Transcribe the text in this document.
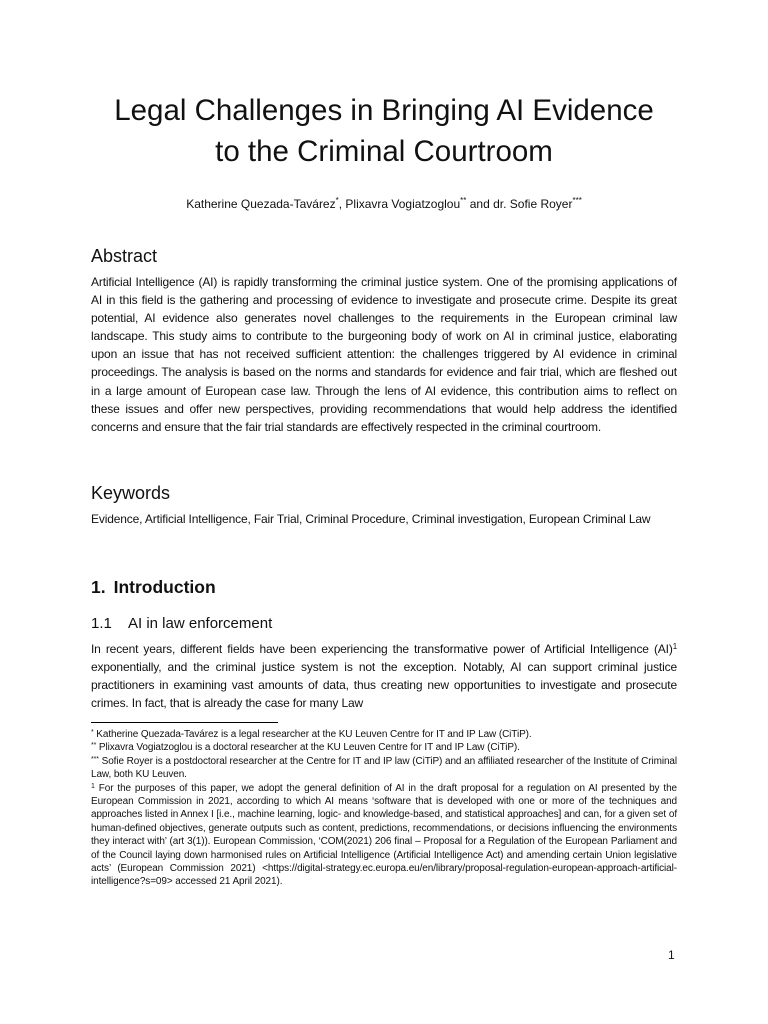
Legal Challenges in Bringing AI Evidence
to the Criminal Courtroom
Katherine Quezada-Tavárez*, Plixavra Vogiatzoglou** and dr. Sofie Royer***
Abstract

Artificial Intelligence (AI) is rapidly transforming the criminal justice system. One of the promising applications of AI in this field is the gathering and processing of evidence to investigate and prosecute crime. Despite its great potential, AI evidence also generates novel challenges to the requirements in the European criminal law landscape. This study aims to contribute to the burgeoning body of work on AI in criminal justice, elaborating upon an issue that has not received sufficient attention: the challenges triggered by AI evidence in criminal proceedings. The analysis is based on the norms and standards for evidence and fair trial, which are fleshed out in a large amount of European case law. Through the lens of AI evidence, this contribution aims to reflect on these issues and offer new perspectives, providing recommendations that would help address the identified concerns and ensure that the fair trial standards are effectively respected in the criminal courtroom.

Keywords

Evidence, Artificial Intelligence, Fair Trial, Criminal Procedure, Criminal investigation, European Criminal Law

1. Introduction
1.1 AI in law enforcement

In recent years, different fields have been experiencing the transformative power of Artificial Intelligence (AI)$^1$ exponentially, and the criminal justice system is not the exception. Notably, AI can support criminal justice practitioners in examining vast amounts of data, thus creating new opportunities to investigate and prosecute crimes. In fact, that is already the case for many Law

* Katherine Quezada-Tavárez is a legal researcher at the KU Leuven Centre for IT and IP Law (CiTiP).

** Plixavra Vogiatzoglou is a doctoral researcher at the KU Leuven Centre for IT and IP Law (CiTiP).

*** Sofie Royer is a postdoctoral researcher at the Centre for IT and IP law (CiTiP) and an affiliated researcher of the Institute of Criminal Law, both KU Leuven.

$^1$ For the purposes of this paper, we adopt the general definition of AI in the draft proposal for a regulation on AI presented by the European Commission in 2021, according to which AI means ‘software that is developed with one or more of the techniques and approaches listed in Annex I [i.e., machine learning, logic- and knowledge-based, and statistical approaches] and can, for a given set of human-defined objectives, generate outputs such as content, predictions, recommendations, or decisions influencing the environments they interact with’ (art 3(1)). European Commission, ‘COM(2021) 206 final – Proposal for a Regulation of the European Parliament and of the Council laying down harmonised rules on Artificial Intelligence (Artificial Intelligence Act) and amending certain Union legislative acts’ (European Commission 2021) <https://digital-strategy.ec.europa.eu/en/library/proposal-regulation-european-approach-artificial-intelligence?s=09> accessed 21 April 2021).

1
